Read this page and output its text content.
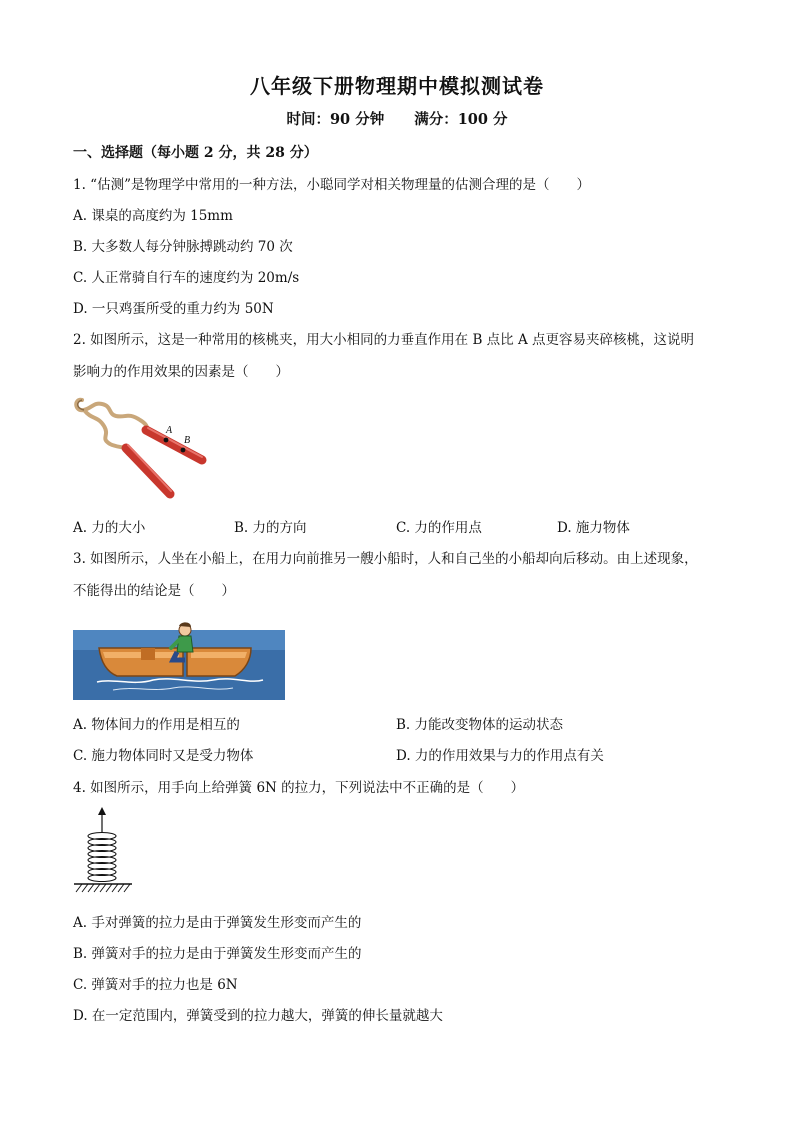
八年级下册物理期中模拟测试卷
时间：90 分钟 满分：100 分
一、选择题（每小题 2 分，共 28 分）
1. “估测”是物理学中常用的一种方法，小聪同学对相关物理量的估测合理的是（　　）
A. 课桌的高度约为 15mm
B. 大多数人每分钟脉搏跳动约 70 次
C. 人正常骑自行车的速度约为 20m/s
D. 一只鸡蛋所受的重力约为 50N
2. 如图所示，这是一种常用的核桃夹，用大小相同的力垂直作用在 B 点比 A 点更容易夹碎核桃，这说明
影响力的作用效果的因素是（　　）
A
B
A. 力的大小	B. 力的方向	C. 力的作用点	D. 施力物体
3. 如图所示，人坐在小船上，在用力向前推另一艘小船时，人和自己坐的小船却向后移动。由上述现象，
不能得出的结论是（　　）
A. 物体间力的作用是相互的	B. 力能改变物体的运动状态
C. 施力物体同时又是受力物体	D. 力的作用效果与力的作用点有关
4. 如图所示，用手向上给弹簧 6N 的拉力，下列说法中不正确的是（　　）
A. 手对弹簧的拉力是由于弹簧发生形变而产生的
B. 弹簧对手的拉力是由于弹簧发生形变而产生的
C. 弹簧对手的拉力也是 6N
D. 在一定范围内，弹簧受到的拉力越大，弹簧的伸长量就越大
